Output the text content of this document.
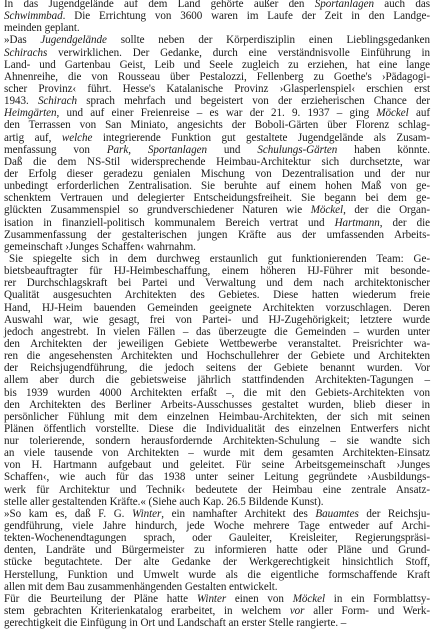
In das Jugendgelände auf dem Land gehörte außer den Sportanlagen auch das
Schwimmbad. Die Errichtung von 3600 waren im Laufe der Zeit in den Landge-
meinden geplant.
»Das Jugendgelände sollte neben der Körperdisziplin einen Lieblingsgedanken
Schirachs verwirklichen. Der Gedanke, durch eine verständnisvolle Einführung in
Land- und Gartenbau Geist, Leib und Seele zugleich zu erziehen, hat eine lange
Ahnenreihe, die von Rousseau über Pestalozzi, Fellenberg zu Goethe's ›Pädagogi-
scher Provinz‹ führt. Hesse's Katalanische Provinz ›Glasperlenspiel‹ erschien erst
1943. Schirach sprach mehrfach und begeistert von der erzieherischen Chance der
Heimgärten, und auf einer Freienreise – es war der 21. 9. 1937 – ging Möckel auf
den Terrassen von San Miniato, angesichts der Boboli-Gärten über Florenz schlag-
artig auf, welche integrierende Funktion gut gestaltete Jugendgelände als Zusam-
menfassung von Park, Sportanlagen und Schulungs-Gärten haben könnte.
Daß die dem NS-Stil widersprechende Heimbau-Architektur sich durchsetzte, war
der Erfolg dieser geradezu genialen Mischung von Dezentralisation und der nur
unbedingt erforderlichen Zentralisation. Sie beruhte auf einem hohen Maß von ge-
schenktem Vertrauen und delegierter Entscheidungsfreiheit. Sie begann bei dem ge-
glückten Zusammenspiel so grundverschiedener Naturen wie Möckel, der die Organ-
isation in finanziell-politisch kommunalem Bereich vertrat und Hartmann, der die
Zusammenfassung der gestalterischen jungen Kräfte aus der umfassenden Arbeits-
gemeinschaft ›Junges Schaffen‹ wahrnahm.
Sie spiegelte sich in dem durchweg erstaunlich gut funktionierenden Team: Ge-
bietsbeauftragter für HJ-Heimbeschaffung, einem höheren HJ-Führer mit besonde-
rer Durchschlagskraft bei Partei und Verwaltung und dem nach architektonischer
Qualität ausgesuchten Architekten des Gebietes. Diese hatten wiederum freie
Hand, HJ-Heim bauenden Gemeinden geeignete Architekten vorzuschlagen. Deren
Auswahl war, wie gesagt, frei von Partei- und HJ-Zugehörigkeit; letztere wurde
jedoch angestrebt. In vielen Fällen – das überzeugte die Gemeinden – wurden unter
den Architekten der jeweiligen Gebiete Wettbewerbe veranstaltet. Preisrichter wa-
ren die angesehensten Architekten und Hochschullehrer der Gebiete und Architekten
der Reichsjugendführung, die jedoch seitens der Gebiete benannt wurden. Vor
allem aber durch die gebietsweise jährlich stattfindenden Architekten-Tagungen –
bis 1939 wurden 4000 Architekten erfaßt –, die mit den Gebiets-Architekten von
den Architekten des Berliner Arbeits-Ausschusses gestaltet wurden, blieb dieser in
persönlicher Fühlung mit dem einzelnen Heimbau-Architekten, der sich mit seinen
Plänen öffentlich vorstellte. Diese die Individualität des einzelnen Entwerfers nicht
nur tolerierende, sondern herausfordernde Architekten-Schulung – sie wandte sich
an viele tausende von Architekten – wurde mit dem gesamten Architekten-Einsatz
von H. Hartmann aufgebaut und geleitet. Für seine Arbeitsgemeinschaft ›Junges
Schaffen‹, wie auch für das 1938 unter seiner Leitung gegründete ›Ausbildungs-
werk für Architektur und Technik‹ bedeutete der Heimbau eine zentrale Ansatz-
stelle aller gestaltenden Kräfte.« (Siehe auch Kap. 26.5 Bildende Kunst).
»So kam es, daß F. G. Winter, ein namhafter Architekt des Bauamtes der Reichsju-
gendführung, viele Jahre hindurch, jede Woche mehrere Tage entweder auf Archi-
tekten-Wochenendtagungen sprach, oder Gauleiter, Kreisleiter, Regierungspräsi-
denten, Landräte und Bürgermeister zu informieren hatte oder Pläne und Grund-
stücke begutachtete. Der alte Gedanke der Werkgerechtigkeit hinsichtlich Stoff,
Herstellung, Funktion und Umwelt wurde als die eigentliche formschaffende Kraft
allen mit dem Bau zusammenhängenden Gestalten entwickelt.
Für die Beurteilung der Pläne hatte Winter einen von Möckel in ein Formblattsy-
stem gebrachten Kriterienkatalog erarbeitet, in welchem vor aller Form- und Werk-
gerechtigkeit die Einfügung in Ort und Landschaft an erster Stelle rangierte. –
